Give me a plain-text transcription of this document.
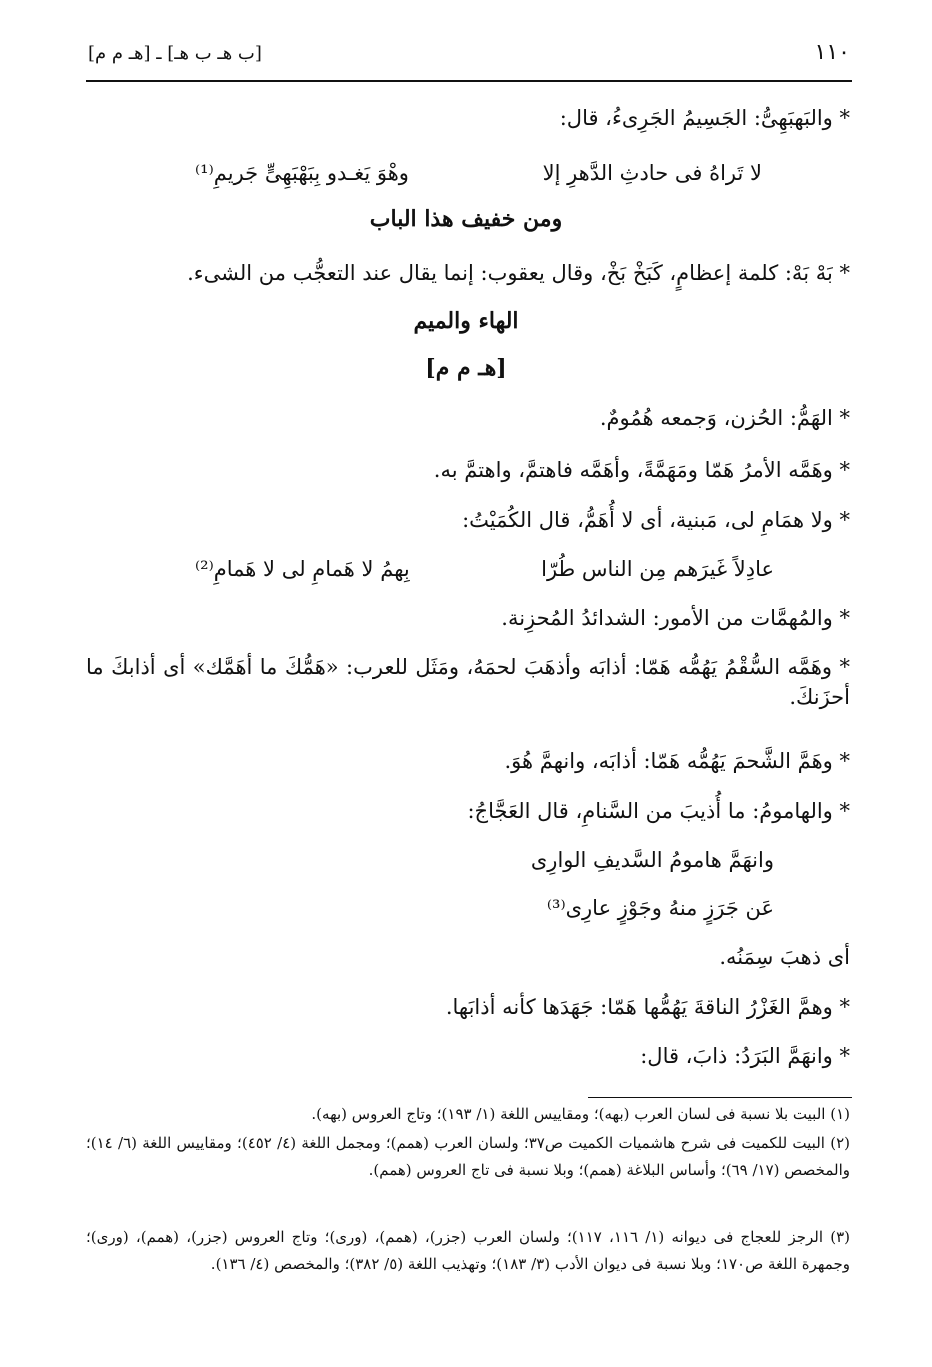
١١٠
[ب هـ ب هـ] ـ [هـ م م]
* والبَهبَهِىُّ: الجَسِيمُ الجَرِىءُ، قال:
لا تَراهُ فى حادثِ الدَّهرِ إلا
وهْوَ يَغـدو بِبَهْبَهِىٍّ جَريمِ⁽¹⁾
ومن خفيف هذا الباب
* بَهْ بَهْ: كلمة إعظامٍ، كَبَخْ بَخْ، وقال يعقوب: إنما يقال عند التعجُّب من الشىء.
الهاء والميم
[هـ م م]
* الهَمُّ: الحُزن، وَجمعه هُمُومٌ.
* وهَمَّه الأمرُ هَمّا ومَهَمَّةً، وأهَمَّه فاهتمَّ، واهتمَّ به.
* ولا همَامِ لى، مَبنية، أى لا أُهَمُّ، قال الكُمَيْتُ:
عادِلاً غَيرَهم مِن الناس طُرّا
بِهمُ لا هَمامِ لى لا هَمامِ⁽²⁾
* والمُهمَّات من الأمور: الشدائدُ المُحزِنة.
* وهَمَّه السُّقْمُ يَهُمُّه هَمّا: أذابَه وأذهَبَ لحمَهُ، ومَثَل للعرب: «هَمُّكَ ما أهَمَّك» أى أذابكَ ما أحزَنكَ.
* وهَمَّ الشَّحمَ يَهُمُّه هَمّا: أذابَه، وانهمَّ هُوَ.
* والهامومُ: ما أُذيبَ من السَّنامِ، قال العَجَّاجُ:
وانهَمَّ هامومُ السَّديفِ الوارِى
عَن جَرَزٍ منهُ وجَوْزٍ عارِى⁽³⁾
أى ذهبَ سِمَنُه.
* وهمَّ الغَزْرُ الناقةَ يَهُمُّها هَمّا: جَهَدَها كأنه أذابَها.
* وانهَمَّ البَرَدُ: ذابَ، قال:
(١) البيت بلا نسبة فى لسان العرب (بهه)؛ ومقاييس اللغة (١/ ١٩٣)؛ وتاج العروس (بهه).
(٢) البيت للكميت فى شرح هاشميات الكميت ص٣٧؛ ولسان العرب (همم)؛ ومجمل اللغة (٤/ ٤٥٢)؛ ومقاييس اللغة (٦/ ١٤)؛ والمخصص (١٧/ ٦٩)؛ وأساس البلاغة (همم)؛ وبلا نسبة فى تاج العروس (همم).
(٣) الرجز للعجاج فى ديوانه (١/ ١١٦، ١١٧)؛ ولسان العرب (جزر)، (همم)، (ورى)؛ وتاج العروس (جزر)، (همم)، (ورى)؛ وجمهرة اللغة ص١٧٠؛ وبلا نسبة فى ديوان الأدب (٣/ ١٨٣)؛ وتهذيب اللغة (٥/ ٣٨٢)؛ والمخصص (٤/ ١٣٦).
